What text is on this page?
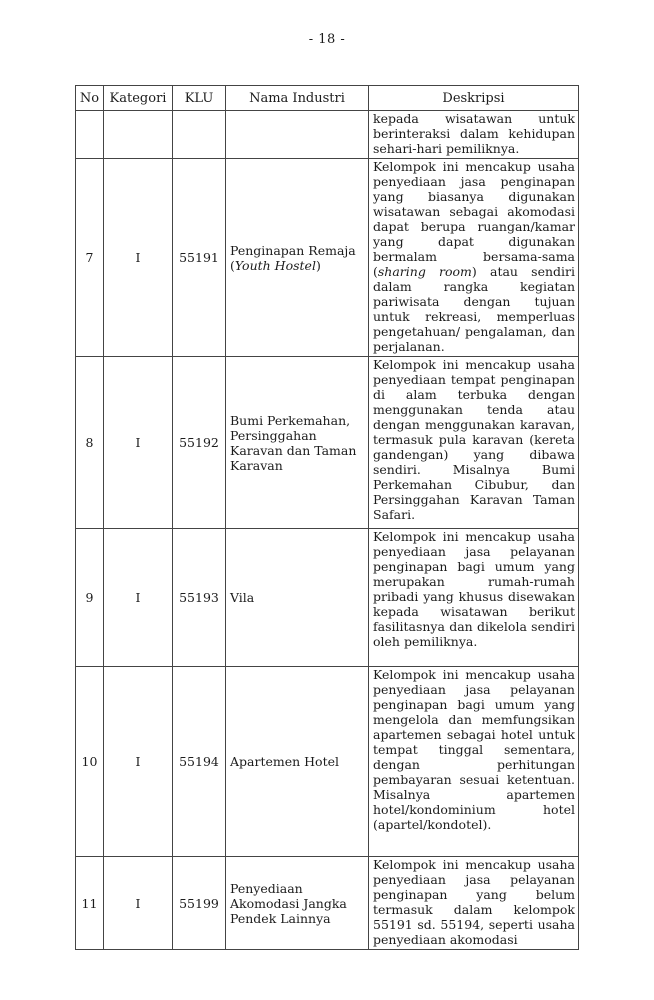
- 18 -
No	Kategori	KLU	Nama Industri	Deskripsi
				kepada wisatawan untuk berinteraksi dalam kehidupan sehari-hari pemiliknya.
7	I	55191	Penginapan Remaja (Youth Hostel)	Kelompok ini mencakup usaha penyediaan jasa penginapan yang biasanya digunakan wisatawan sebagai akomodasi dapat berupa ruangan/kamar yang dapat digunakan bermalam bersama-sama (sharing room) atau sendiri dalam rangka kegiatan pariwisata dengan tujuan untuk rekreasi, memperluas pengetahuan/ pengalaman, dan perjalanan.
8	I	55192	Bumi Perkemahan, Persinggahan Karavan dan Taman Karavan	Kelompok ini mencakup usaha penyediaan tempat penginapan di alam terbuka dengan menggunakan tenda atau dengan menggunakan karavan, termasuk pula karavan (kereta gandengan) yang dibawa sendiri. Misalnya Bumi Perkemahan Cibubur, dan Persinggahan Karavan Taman Safari.
9	I	55193	Vila	Kelompok ini mencakup usaha penyediaan jasa pelayanan penginapan bagi umum yang merupakan rumah-rumah pribadi yang khusus disewakan kepada wisatawan berikut fasilitasnya dan dikelola sendiri oleh pemiliknya.
10	I	55194	Apartemen Hotel	Kelompok ini mencakup usaha penyediaan jasa pelayanan penginapan bagi umum yang mengelola dan memfungsikan apartemen sebagai hotel untuk tempat tinggal sementara, dengan perhitungan pembayaran sesuai ketentuan. Misalnya apartemen hotel/kondominium hotel (apartel/kondotel).
11	I	55199	Penyediaan Akomodasi Jangka Pendek Lainnya	Kelompok ini mencakup usaha penyediaan jasa pelayanan penginapan yang belum termasuk dalam kelompok 55191 sd. 55194, seperti usaha penyediaan akomodasi
